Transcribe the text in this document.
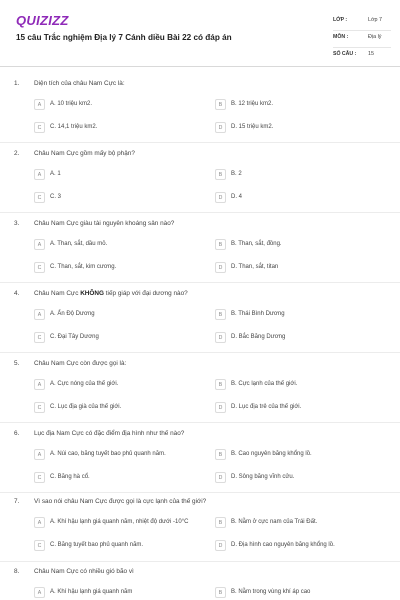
QUIZIZZ
15 câu Trắc nghiệm Địa lý 7 Cánh diều Bài 22 có đáp án
LỚP :	Lớp 7
MÔN :	Địa lý
SỐ CÂU : 15
1. Diện tích của châu Nam Cực là:
A	A. 10 triệu km2.	B	B. 12 triệu km2.
C	C. 14,1 triệu km2.	D	D. 15 triệu km2.
2. Châu Nam Cực gồm mấy bộ phận?
A	A. 1	B	B. 2
C	C. 3	D	D. 4
3. Châu Nam Cực giàu tài nguyên khoáng sản nào?
A	A. Than, sắt, dầu mỏ.	B	B. Than, sắt, đồng.
C	C. Than, sắt, kim cương.	D	D. Than, sắt, titan
4. Châu Nam Cực KHÔNG tiếp giáp với đại dương nào?
A	A. Ấn Độ Dương	B	B. Thái Bình Dương
C	C. Đại Tây Dương	D	D. Bắc Băng Dương
5. Châu Nam Cực còn được gọi là:
A	A. Cực nóng của thế giới.	B	B. Cực lạnh của thế giới.
C	C. Lục địa già của thế giới.	D	D. Lục địa trẻ của thế giới.
6. Lục địa Nam Cực có đặc điểm địa hình như thế nào?
A	A. Núi cao, băng tuyết bao phủ quanh năm.	B	B. Cao nguyên băng khổng lồ.
C	C. Băng hà cổ.	D	D. Sông băng vĩnh cửu.
7. Vì sao nói châu Nam Cực được gọi là cực lạnh của thế giới?
A	A. Khí hậu lạnh giá quanh năm, nhiệt độ dưới -10°C	B	B. Nằm ở cực nam của Trái Đất.
C	C. Băng tuyết bao phủ quanh năm.	D	D. Địa hình cao nguyên băng khổng lồ.
8. Châu Nam Cực có nhiều gió bão vì
A	A. Khí hậu lạnh giá quanh năm	B	B. Nằm trong vùng khí áp cao
